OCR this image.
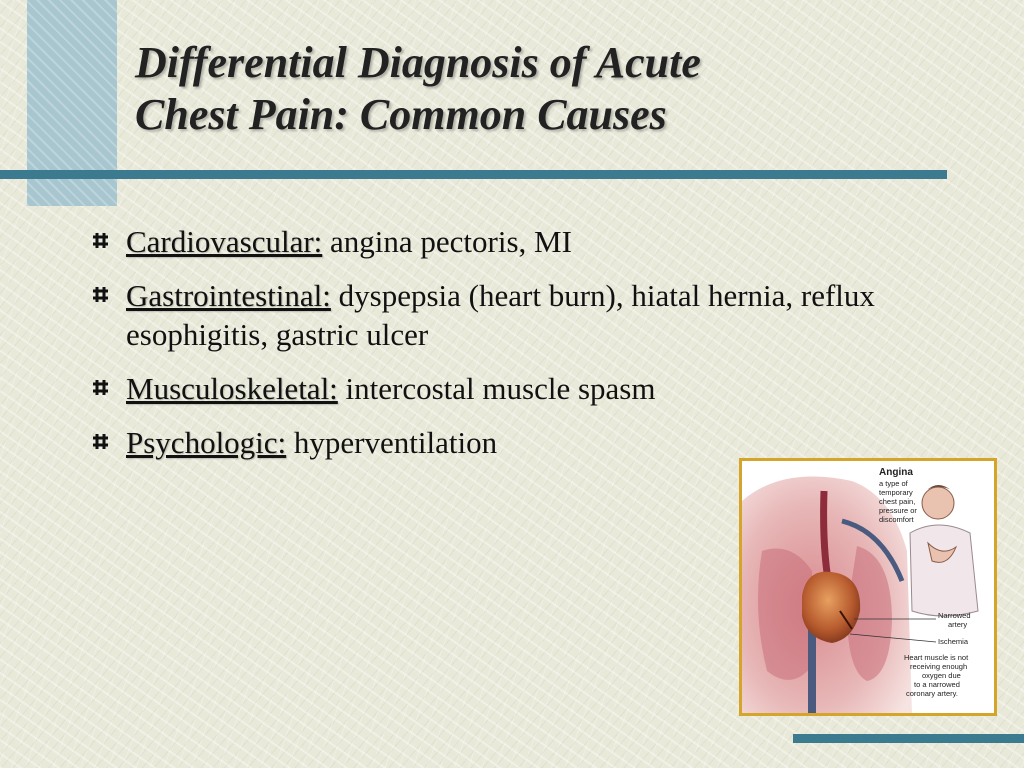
Differential Diagnosis of Acute
Chest Pain: Common Causes
Cardiovascular: angina pectoris, MI
Gastrointestinal: dyspepsia (heart burn), hiatal hernia, reflux esophigitis, gastric ulcer
Musculoskeletal: intercostal muscle spasm
Psychologic: hyperventilation
Angina
a type of
temporary
chest pain,
pressure or
discomfort
Narrowed
artery
Ischemia
Heart muscle is not
receiving enough
oxygen due
to a narrowed
coronary artery.
